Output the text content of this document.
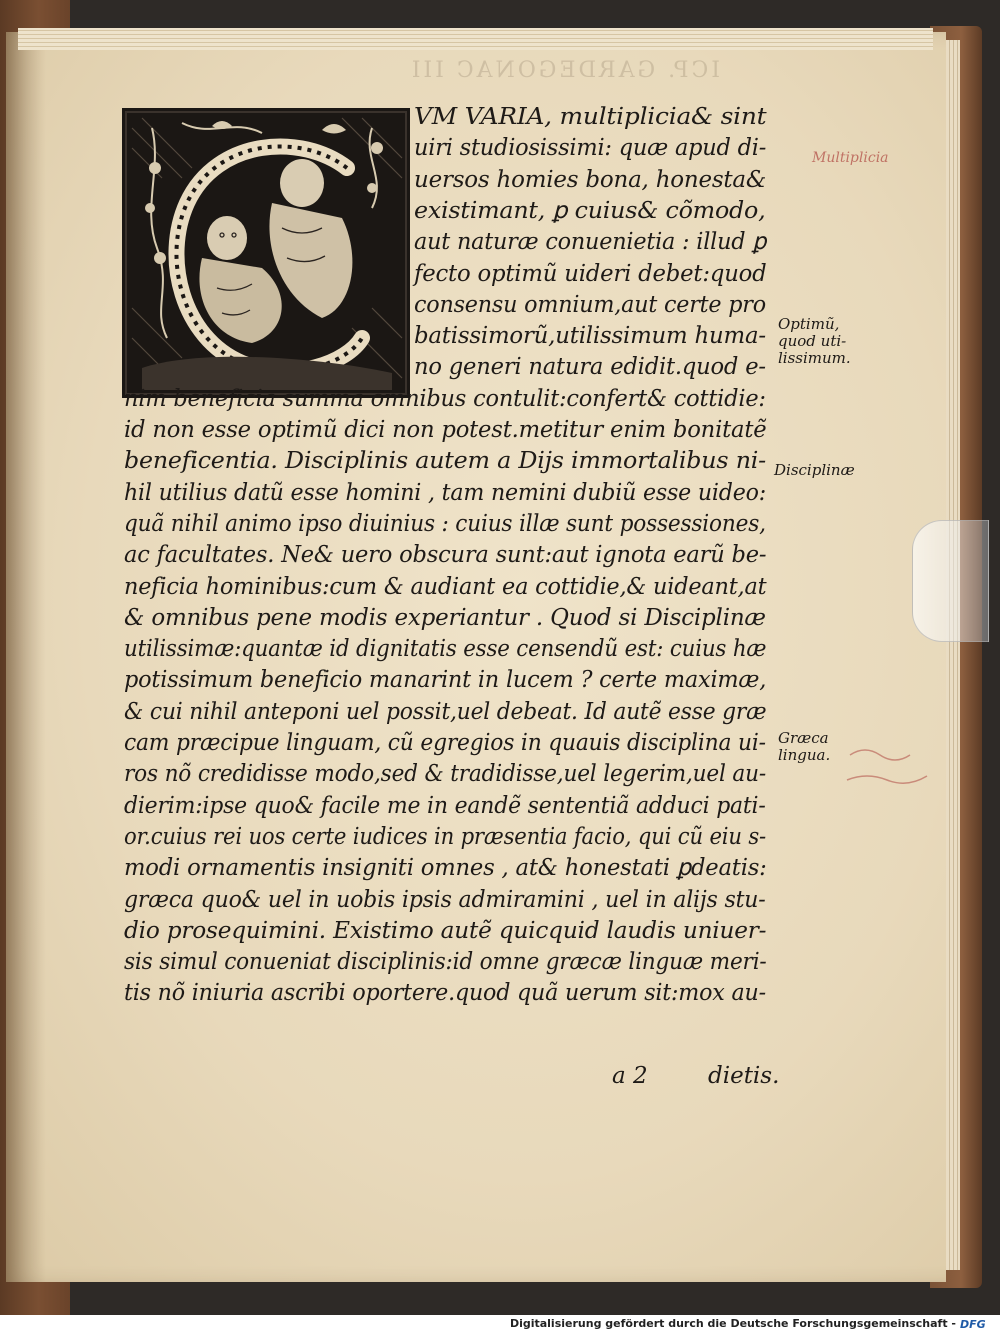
ICP. GARDEGONAC III
VM VARIA, multiplicia& sint
uiri studiosissimi: quæ apud di-
uersos homies bona, honesta&
existimant, ꝑ cuius& cõmodo,
aut naturæ conuenietia : illud ꝑ
fecto optimũ uideri debet:quod
consensu omnium,aut certe pro
batissimorũ,utilissimum huma-
no generi natura edidit.quod e-
nim beneficia summa omnibus contulit:confert& cottidie:
id non esse optimũ dici non potest.metitur enim bonitatẽ
beneficentia. Disciplinis autem a Dijs immortalibus ni-
hil utilius datũ esse homini , tam nemini dubiũ esse uideo:
quã nihil animo ipso diuinius : cuius illæ sunt possessiones,
ac facultates. Ne& uero obscura sunt:aut ignota earũ be-
neficia hominibus:cum & audiant ea cottidie,& uideant,at
& omnibus pene modis experiantur . Quod si Disciplinæ
utilissimæ:quantæ id dignitatis esse censendũ est: cuius hæ
potissimum beneficio manarint in lucem ? certe maximæ,
& cui nihil anteponi uel possit,uel debeat. Id autẽ esse græ
cam præcipue linguam, cũ egregios in quauis disciplina ui-
ros nõ credidisse modo,sed & tradidisse,uel legerim,uel au-
dierim:ipse quo& facile me in eandẽ sententiã adduci pati-
or.cuius rei uos certe iudices in præsentia facio, qui cũ eiu s-
modi ornamentis insigniti omnes , at& honestati ꝑdeatis:
græca quo& uel in uobis ipsis admiramini , uel in alijs stu-
dio prosequimini. Existimo autẽ quicquid laudis uniuer-
sis simul conueniat disciplinis:id omne græcæ linguæ meri-
tis nõ iniuria ascribi oportere.quod quã uerum sit:mox au-
Optimũ,
quod uti-
lissimum.
Disciplinæ
Græca
lingua.
Multiplicia
a 2	dietis.
Digitalisierung gefördert durch die Deutsche Forschungsgemeinschaft - DFG
